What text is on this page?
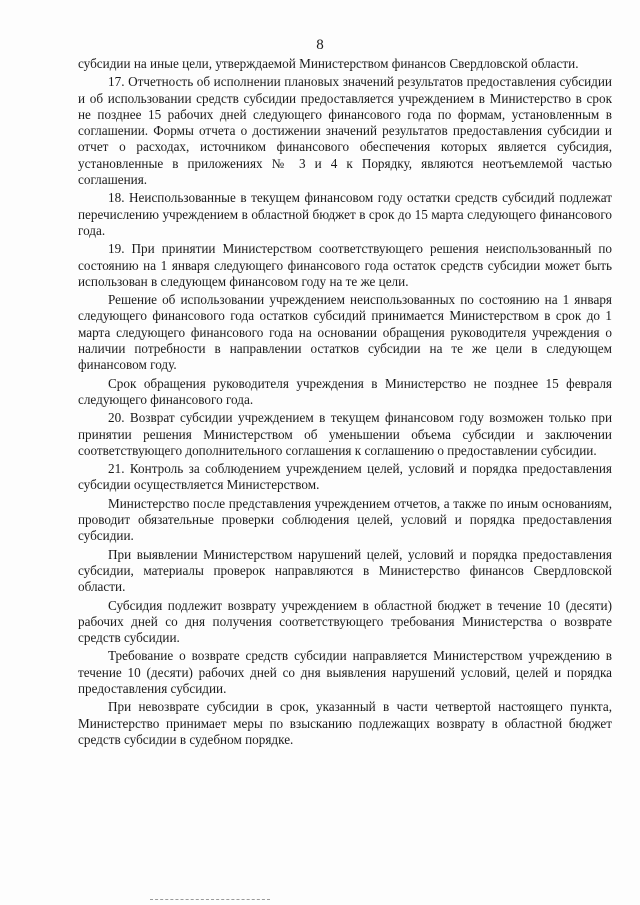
8

субсидии на иные цели, утверждаемой Министерством финансов Свердловской области.

17. Отчетность об исполнении плановых значений результатов предоставления субсидии и об использовании средств субсидии предоставляется учреждением в Министерство в срок не позднее 15 рабочих дней следующего финансового года по формам, установленным в соглашении. Формы отчета о достижении значений результатов предоставления субсидии и отчет о расходах, источником финансового обеспечения которых является субсидия, установленные в приложениях № 3 и 4 к Порядку, являются неотъемлемой частью соглашения.

18. Неиспользованные в текущем финансовом году остатки средств субсидий подлежат перечислению учреждением в областной бюджет в срок до 15 марта следующего финансового года.

19. При принятии Министерством соответствующего решения неиспользованный по состоянию на 1 января следующего финансового года остаток средств субсидии может быть использован в следующем финансовом году на те же цели.

Решение об использовании учреждением неиспользованных по состоянию на 1 января следующего финансового года остатков субсидий принимается Министерством в срок до 1 марта следующего финансового года на основании обращения руководителя учреждения о наличии потребности в направлении остатков субсидии на те же цели в следующем финансовом году.

Срок обращения руководителя учреждения в Министерство не позднее 15 февраля следующего финансового года.

20. Возврат субсидии учреждением в текущем финансовом году возможен только при принятии решения Министерством об уменьшении объема субсидии и заключении соответствующего дополнительного соглашения к соглашению о предоставлении субсидии.

21. Контроль за соблюдением учреждением целей, условий и порядка предоставления субсидии осуществляется Министерством.

Министерство после представления учреждением отчетов, а также по иным основаниям, проводит обязательные проверки соблюдения целей, условий и порядка предоставления субсидии.

При выявлении Министерством нарушений целей, условий и порядка предоставления субсидии, материалы проверок направляются в Министерство финансов Свердловской области.

Субсидия подлежит возврату учреждением в областной бюджет в течение 10 (десяти) рабочих дней со дня получения соответствующего требования Министерства о возврате средств субсидии.

Требование о возврате средств субсидии направляется Министерством учреждению в течение 10 (десяти) рабочих дней со дня выявления нарушений условий, целей и порядка предоставления субсидии.

При невозврате субсидии в срок, указанный в части четвертой настоящего пункта, Министерство принимает меры по взысканию подлежащих возврату в областной бюджет средств субсидии в судебном порядке.
